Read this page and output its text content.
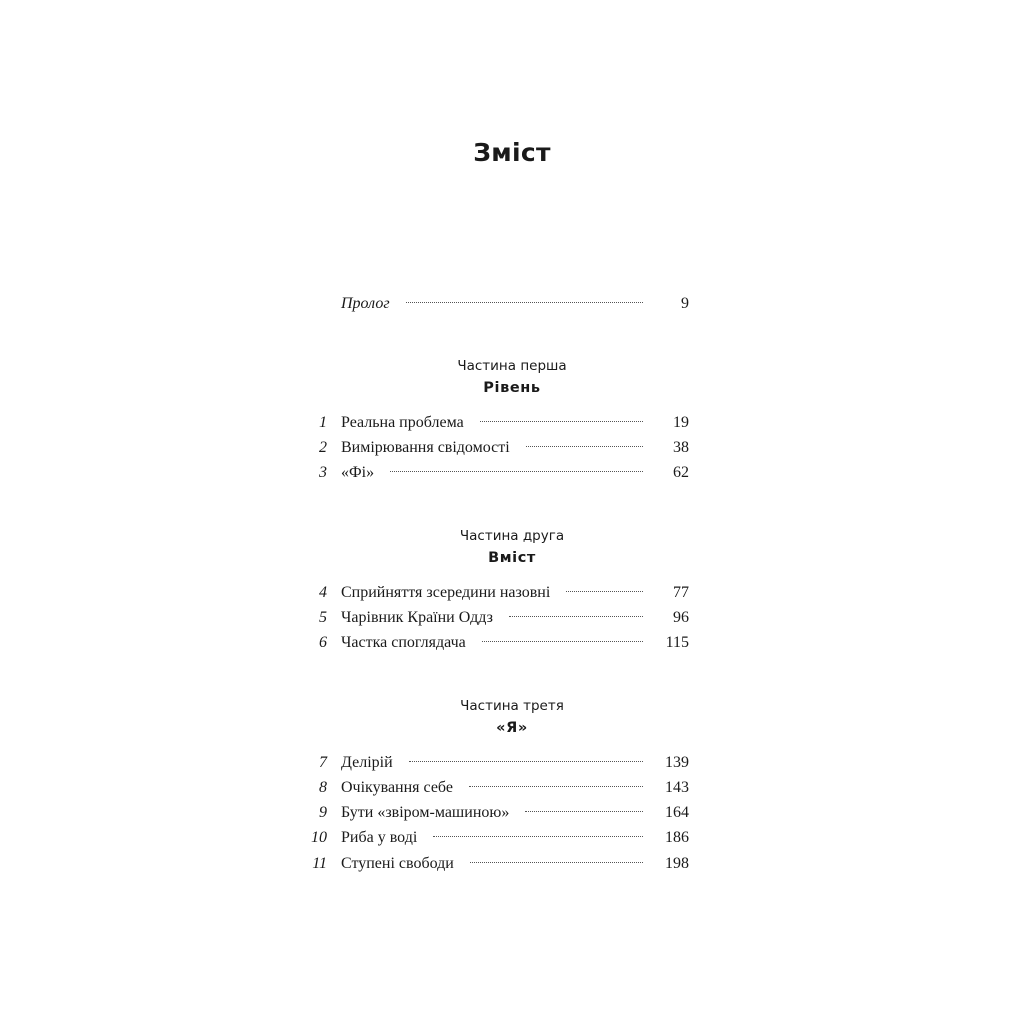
Зміст
Пролог	9
Частина перша
Рівень
1 Реальна проблема	19
2 Вимірювання свідомості	38
3 «Фі»	62
Частина друга
Вміст
4 Сприйняття зсередини назовні	77
5 Чарівник Країни Оддз	96
6 Частка споглядача	115
Частина третя
«Я»
7 Делірій	139
8 Очікування себе	143
9 Бути «звіром-машиною»	164
10 Риба у воді	186
11 Ступені свободи	198
